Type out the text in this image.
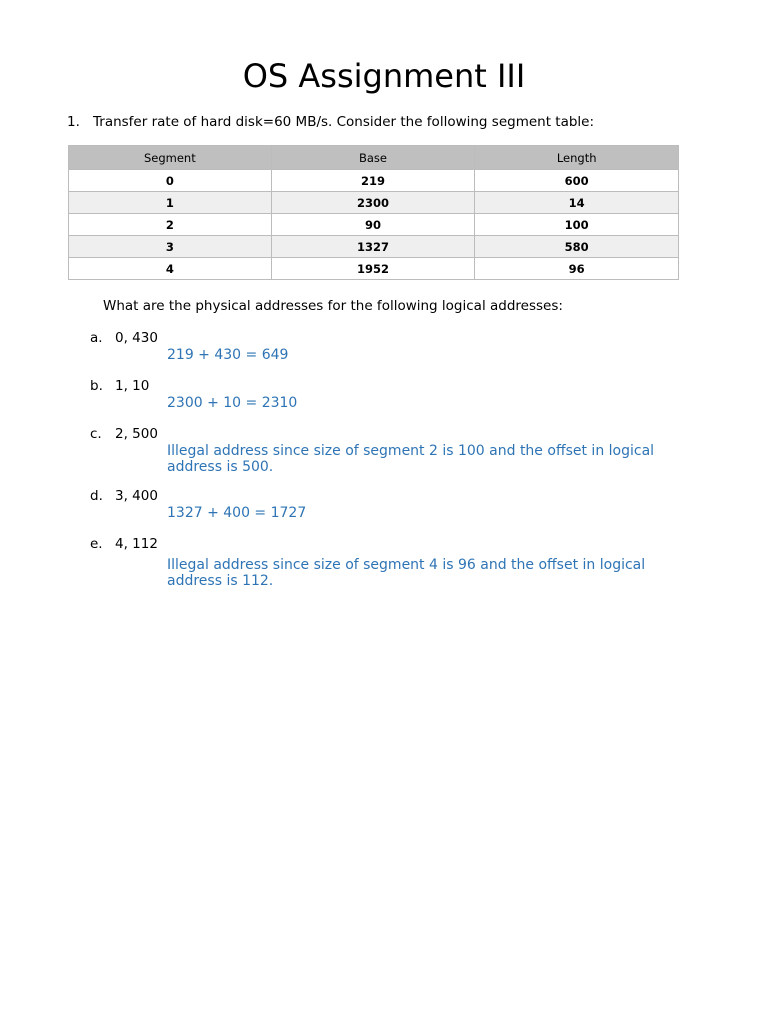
OS Assignment III
1. Transfer rate of hard disk=60 MB/s. Consider the following segment table:
Segment	Base	Length
0	219	600
1	2300	14
2	90	100
3	1327	580
4	1952	96
What are the physical addresses for the following logical addresses:
a. 0, 430
219 + 430 = 649
b. 1, 10
2300 + 10 = 2310
c. 2, 500
Illegal address since size of segment 2 is 100 and the offset in logical address is 500.
d. 3, 400
1327 + 400 = 1727
e. 4, 112
Illegal address since size of segment 4 is 96 and the offset in logical address is 112.
